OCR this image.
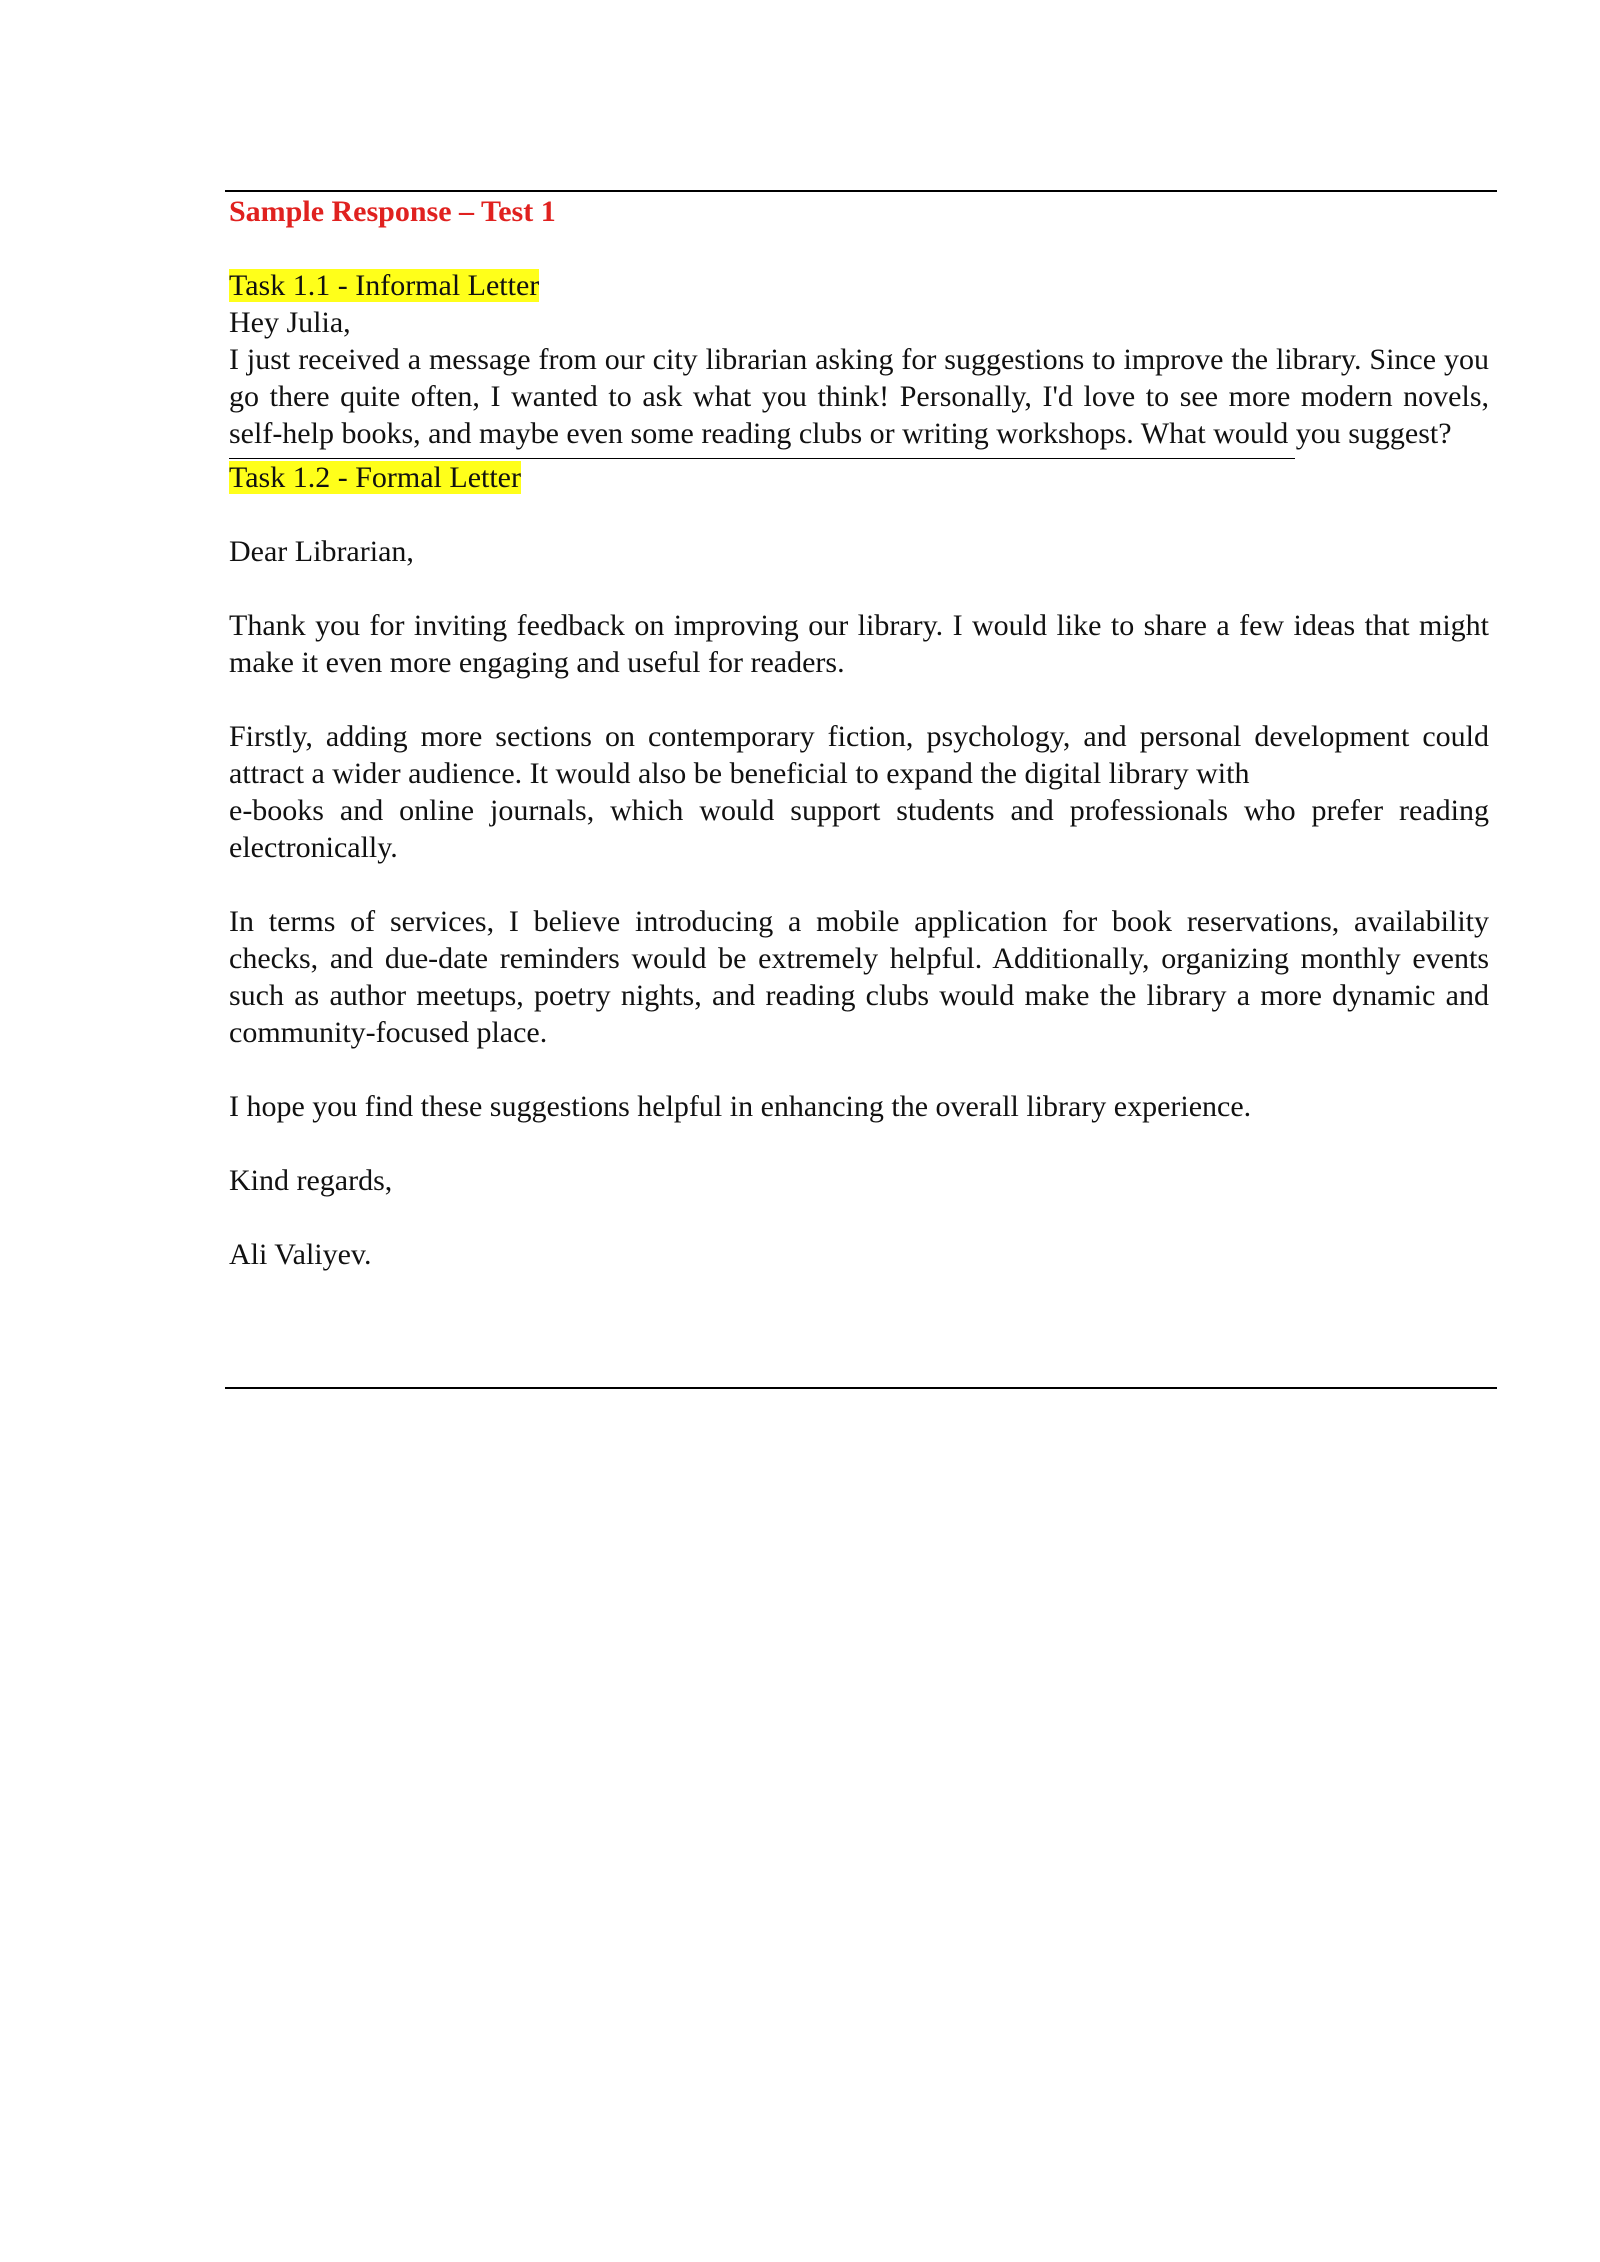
Sample Response – Test 1
Task 1.1 - Informal Letter

Hey Julia,

I just received a message from our city librarian asking for suggestions to improve the library. Since you go there quite often, I wanted to ask what you think! Personally, I'd love to see more modern novels, self-help books, and maybe even some reading clubs or writing workshops. What would you suggest?

Task 1.2 - Formal Letter

Dear Librarian,

Thank you for inviting feedback on improving our library. I would like to share a few ideas that might make it even more engaging and useful for readers.

Firstly, adding more sections on contemporary fiction, psychology, and personal development could attract a wider audience. It would also be beneficial to expand the digital library with
e-books and online journals, which would support students and professionals who prefer reading electronically.

In terms of services, I believe introducing a mobile application for book reservations, availability checks, and due-date reminders would be extremely helpful. Additionally, organizing monthly events such as author meetups, poetry nights, and reading clubs would make the library a more dynamic and community-focused place.

I hope you find these suggestions helpful in enhancing the overall library experience.

Kind regards,

Ali Valiyev.
